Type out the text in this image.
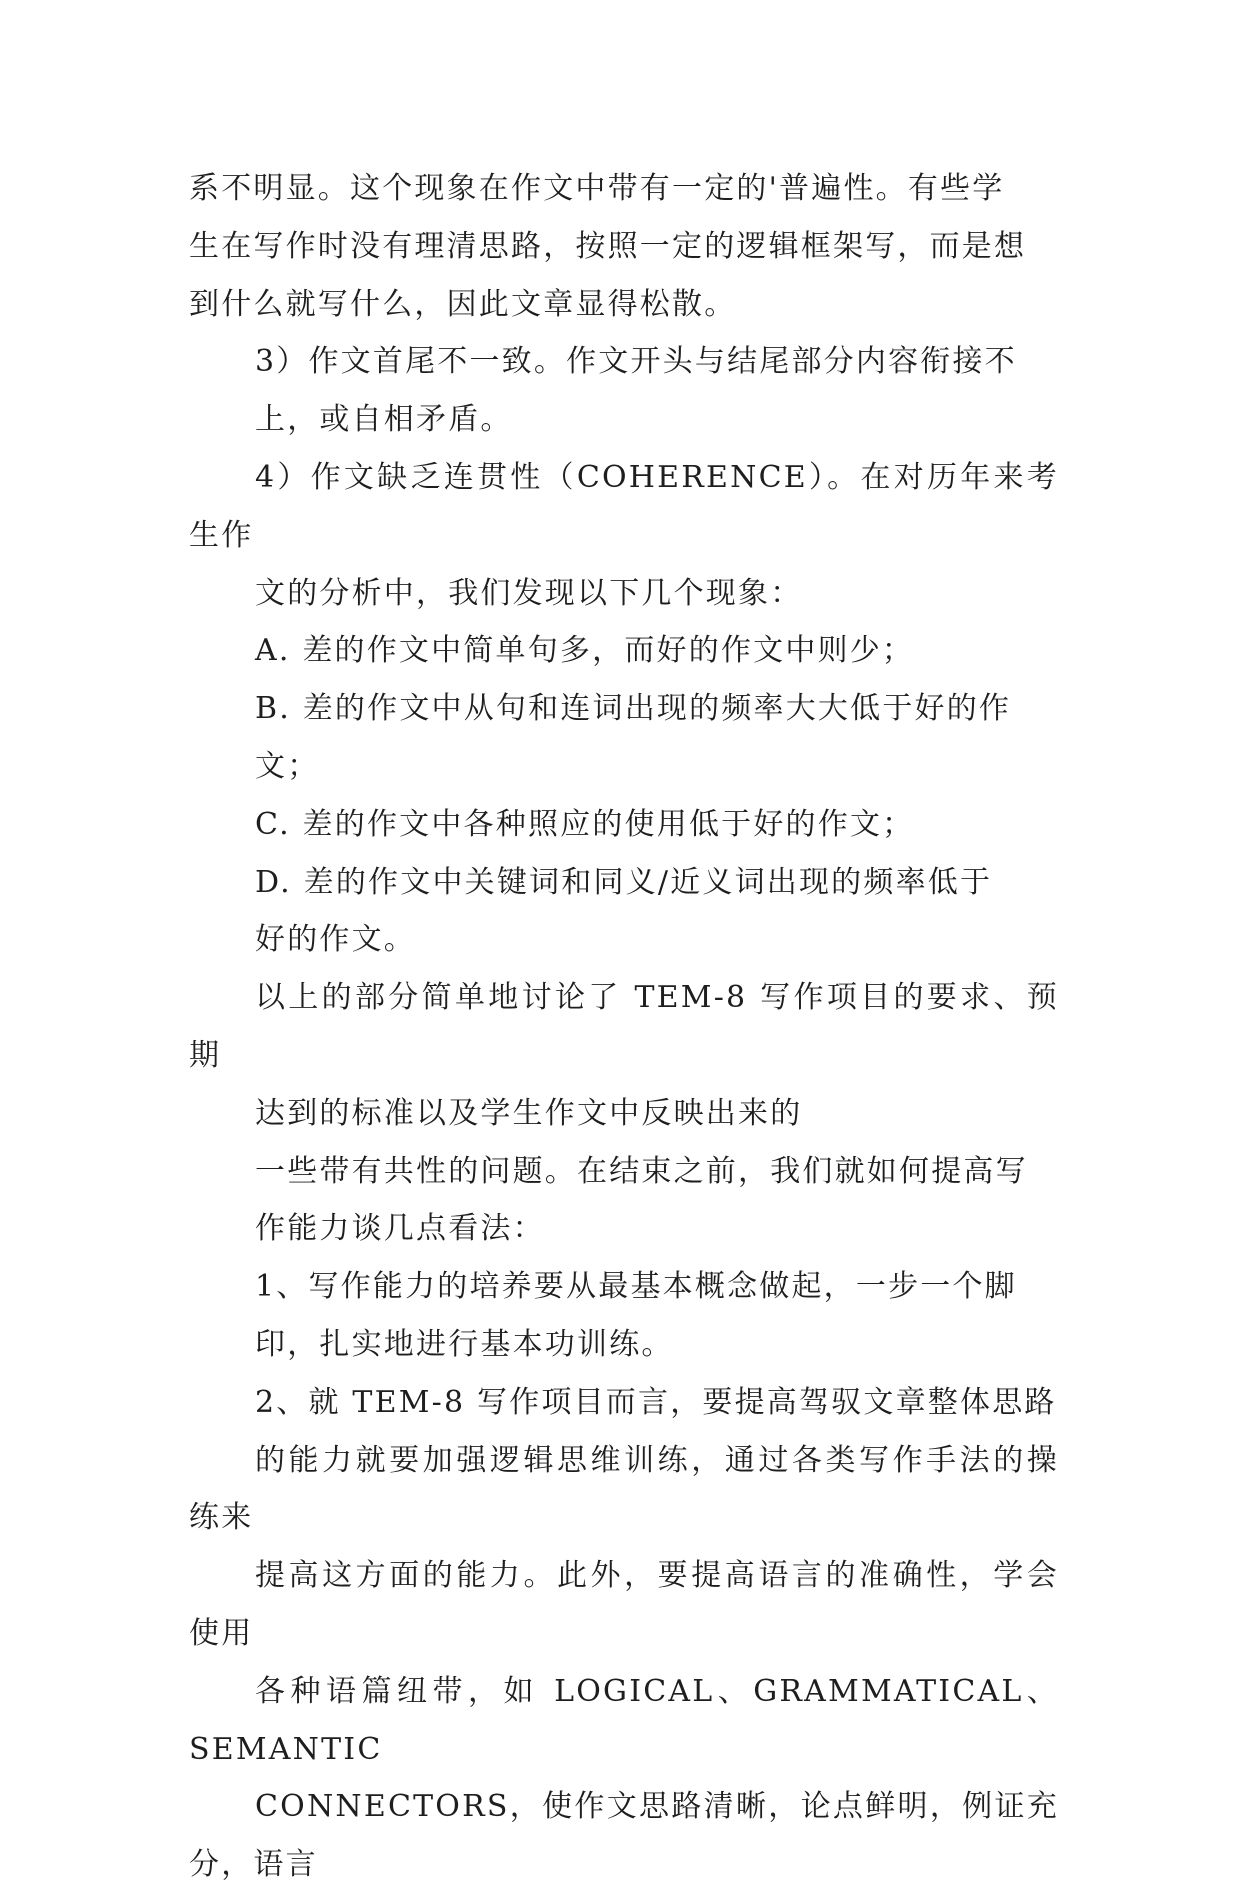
系不明显。这个现象在作文中带有一定的'普遍性。有些学
生在写作时没有理清思路，按照一定的逻辑框架写，而是想
到什么就写什么，因此文章显得松散。

3）作文首尾不一致。作文开头与结尾部分内容衔接不
上，或自相矛盾。

4）作文缺乏连贯性（COHERENCE）。在对历年来考生作
文的分析中，我们发现以下几个现象：

A. 差的作文中简单句多，而好的作文中则少；

B. 差的作文中从句和连词出现的频率大大低于好的作
文；

C. 差的作文中各种照应的使用低于好的作文；

D. 差的作文中关键词和同义/近义词出现的频率低于
好的作文。

以上的部分简单地讨论了 TEM-8 写作项目的要求、预期
达到的标准以及学生作文中反映出来的

一些带有共性的问题。在结束之前，我们就如何提高写
作能力谈几点看法：

1、写作能力的培养要从最基本概念做起，一步一个脚
印，扎实地进行基本功训练。

2、就 TEM-8 写作项目而言，要提高驾驭文章整体思路
的能力就要加强逻辑思维训练，通过各类写作手法的操练来
提高这方面的能力。此外，要提高语言的准确性，学会使用
各种语篇纽带，如 LOGICAL、GRAMMATICAL、SEMANTIC
CONNECTORS，使作文思路清晰，论点鲜明，例证充分，语言
